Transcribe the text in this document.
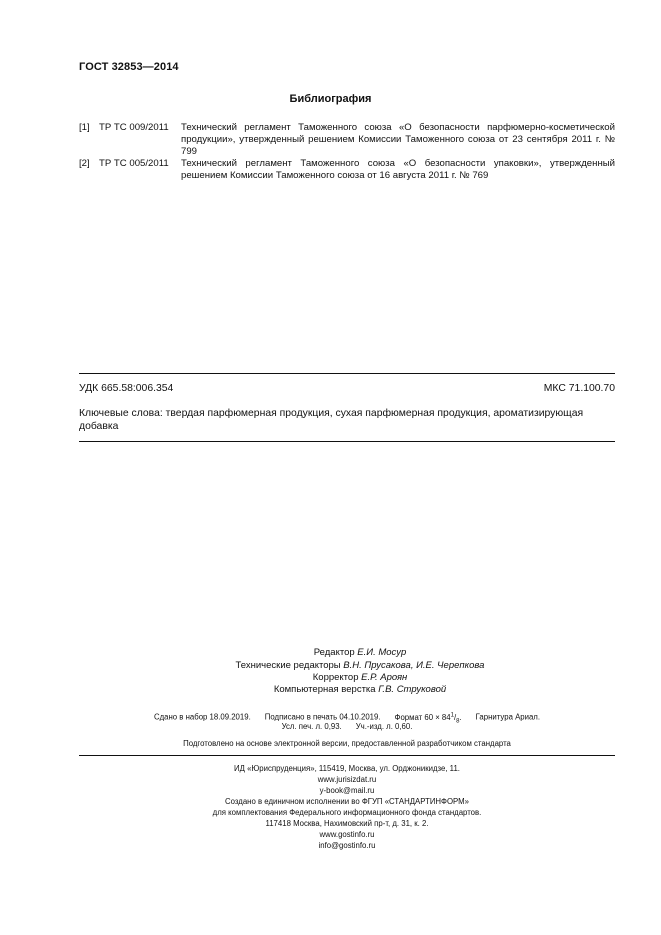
ГОСТ 32853—2014
Библиография
[1] ТР ТС 009/2011 Технический регламент Таможенного союза «О безопасности парфюмерно-косметической продукции», утвержденный решением Комиссии Таможенного союза от 23 сентября 2011 г. № 799
[2] ТР ТС 005/2011 Технический регламент Таможенного союза «О безопасности упаковки», утвержденный решением Комиссии Таможенного союза от 16 августа 2011 г. № 769
УДК 665.58:006.354	МКС 71.100.70
Ключевые слова: твердая парфюмерная продукция, сухая парфюмерная продукция, ароматизирующая добавка
Редактор Е.И. Мосур
Технические редакторы В.Н. Прусакова, И.Е. Черепкова
Корректор Е.Р. Ароян
Компьютерная верстка Г.В. Струковой
Сдано в набор 18.09.2019. Подписано в печать 04.10.2019. Формат $60 \times 84^1/_8$. Гарнитура Ариал.
Усл. печ. л. 0,93. Уч.-изд. л. 0,60.
Подготовлено на основе электронной версии, предоставленной разработчиком стандарта
ИД «Юриспруденция», 115419, Москва, ул. Орджоникидзе, 11.
www.jurisizdat.ru
y-book@mail.ru
Создано в единичном исполнении во ФГУП «СТАНДАРТИНФОРМ»
для комплектования Федерального информационного фонда стандартов.
117418 Москва, Нахимовский пр-т, д. 31, к. 2.
www.gostinfo.ru
info@gostinfo.ru
